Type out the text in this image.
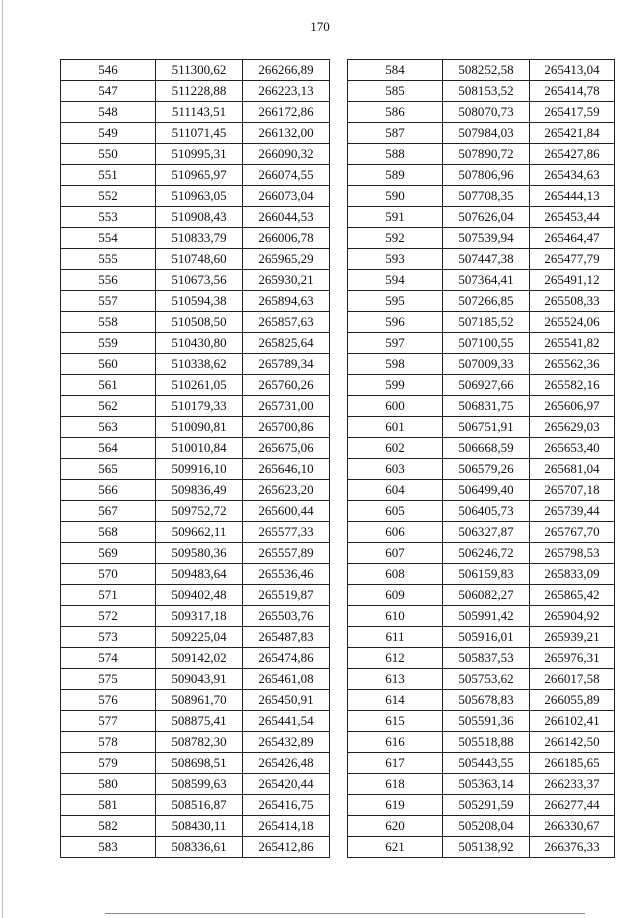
170
546	511300,62	266266,89
547	511228,88	266223,13
548	511143,51	266172,86
549	511071,45	266132,00
550	510995,31	266090,32
551	510965,97	266074,55
552	510963,05	266073,04
553	510908,43	266044,53
554	510833,79	266006,78
555	510748,60	265965,29
556	510673,56	265930,21
557	510594,38	265894,63
558	510508,50	265857,63
559	510430,80	265825,64
560	510338,62	265789,34
561	510261,05	265760,26
562	510179,33	265731,00
563	510090,81	265700,86
564	510010,84	265675,06
565	509916,10	265646,10
566	509836,49	265623,20
567	509752,72	265600,44
568	509662,11	265577,33
569	509580,36	265557,89
570	509483,64	265536,46
571	509402,48	265519,87
572	509317,18	265503,76
573	509225,04	265487,83
574	509142,02	265474,86
575	509043,91	265461,08
576	508961,70	265450,91
577	508875,41	265441,54
578	508782,30	265432,89
579	508698,51	265426,48
580	508599,63	265420,44
581	508516,87	265416,75
582	508430,11	265414,18
583	508336,61	265412,86
584	508252,58	265413,04
585	508153,52	265414,78
586	508070,73	265417,59
587	507984,03	265421,84
588	507890,72	265427,86
589	507806,96	265434,63
590	507708,35	265444,13
591	507626,04	265453,44
592	507539,94	265464,47
593	507447,38	265477,79
594	507364,41	265491,12
595	507266,85	265508,33
596	507185,52	265524,06
597	507100,55	265541,82
598	507009,33	265562,36
599	506927,66	265582,16
600	506831,75	265606,97
601	506751,91	265629,03
602	506668,59	265653,40
603	506579,26	265681,04
604	506499,40	265707,18
605	506405,73	265739,44
606	506327,87	265767,70
607	506246,72	265798,53
608	506159,83	265833,09
609	506082,27	265865,42
610	505991,42	265904,92
611	505916,01	265939,21
612	505837,53	265976,31
613	505753,62	266017,58
614	505678,83	266055,89
615	505591,36	266102,41
616	505518,88	266142,50
617	505443,55	266185,65
618	505363,14	266233,37
619	505291,59	266277,44
620	505208,04	266330,67
621	505138,92	266376,33
